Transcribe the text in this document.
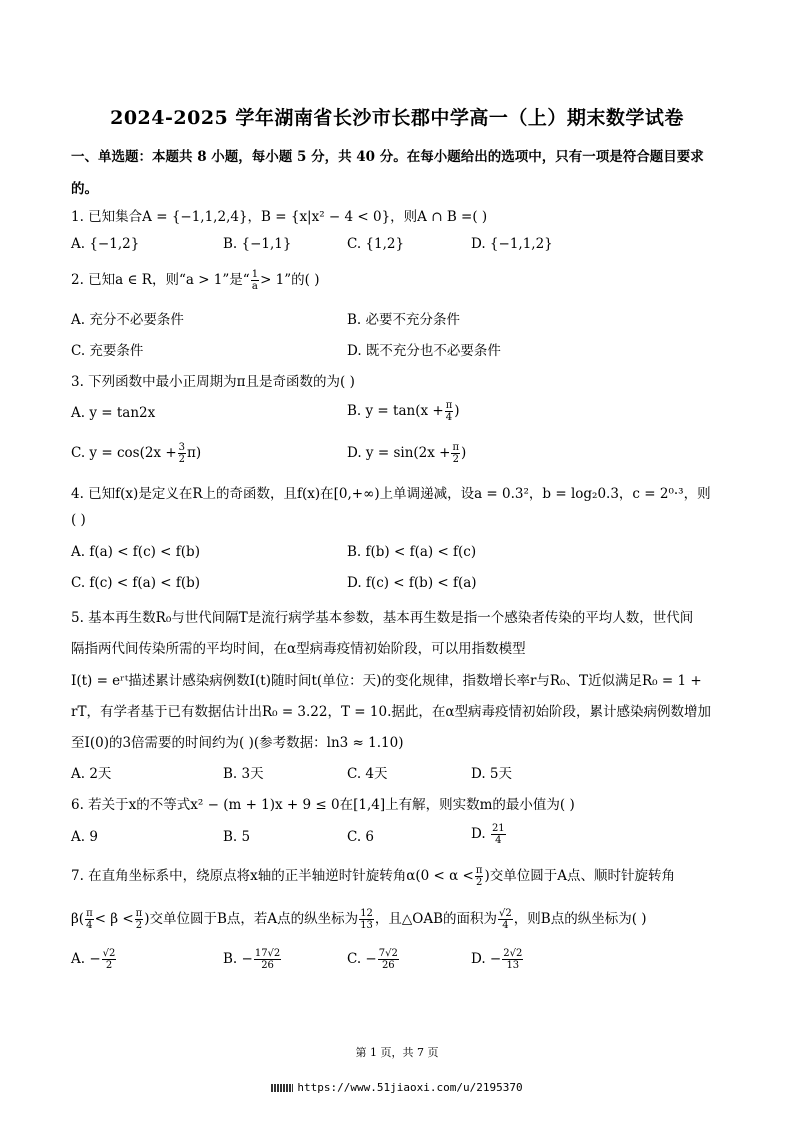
2024-2025 学年湖南省长沙市长郡中学高一（上）期末数学试卷
一、单选题：本题共 8 小题，每小题 5 分，共 40 分。在每小题给出的选项中，只有一项是符合题目要求的。
1. 已知集合A = {−1,1,2,4}，B = {x|x² − 4 < 0}，则A ∩ B =( )
A. {−1,2}	B. {−1,1}	C. {1,2}	D. {−1,1,2}
2. 已知a ∈ R，则“a > 1”是“ $\frac{1}{a} > 1$”的( )
A. 充分不必要条件	B. 必要不充分条件
C. 充要条件	D. 既不充分也不必要条件
3. 下列函数中最小正周期为π且是奇函数的为( )
A. y = tan2x	B. $y = \tan(x + \frac{\pi}{4}$ )
C. $y = \cos(2x + \frac{3}{2} \pi)$	D. $y = \sin(2x + \frac{\pi}{2}$ )
4. 已知f(x)是定义在R上的奇函数，且f(x)在[0,+∞)上单调递减，设a = 0.3²，b = log₂0.3，c = 2⁰·³，则
( )
A. f(a) < f(c) < f(b)	B. f(b) < f(a) < f(c)
C. f(c) < f(a) < f(b)	D. f(c) < f(b) < f(a)
5. 基本再生数R₀与世代间隔T是流行病学基本参数，基本再生数是指一个感染者传染的平均人数，世代间
隔指两代间传染所需的平均时间，在α型病毒疫情初始阶段，可以用指数模型
I(t) = eʳᵗ描述累计感染病例数I(t)随时间t(单位：天)的变化规律，指数增长率r与R₀、T近似满足R₀ = 1 +
rT，有学者基于已有数据估计出R₀ = 3.22，T = 10.据此，在α型病毒疫情初始阶段，累计感染病例数增加
至I(0)的3倍需要的时间约为( )(参考数据：ln3 ≈ 1.10)
A. 2天	B. 3天	C. 4天	D. 5天
6. 若关于x的不等式x² − (m + 1)x + 9 ≤ 0在[1,4]上有解，则实数m的最小值为( )
A. 9	B. 5	C. 6	D. $\frac{21}{4}$
7. 在直角坐标系中，绕原点将x轴的正半轴逆时针旋转角$\alpha(0 < \alpha < \frac{\pi}{2}$ )交单位圆于A点、顺时针旋转角
$\beta( \frac{\pi}{4} < \beta < \frac{\pi}{2}$ )交单位圆于B点，若A点的纵坐标为 $\frac{12}{13}$ ，且△OAB的面积为 $\frac{√2}{4}$ ，则B点的纵坐标为( )
A. − $\frac{√2}{2}$	B. − $\frac{17√2}{26}$	C. − $\frac{7√2}{26}$	D. − $\frac{2√2}{13}$
第 1 页，共 7 页
https://www.51jiaoxi.com/u/2195370
